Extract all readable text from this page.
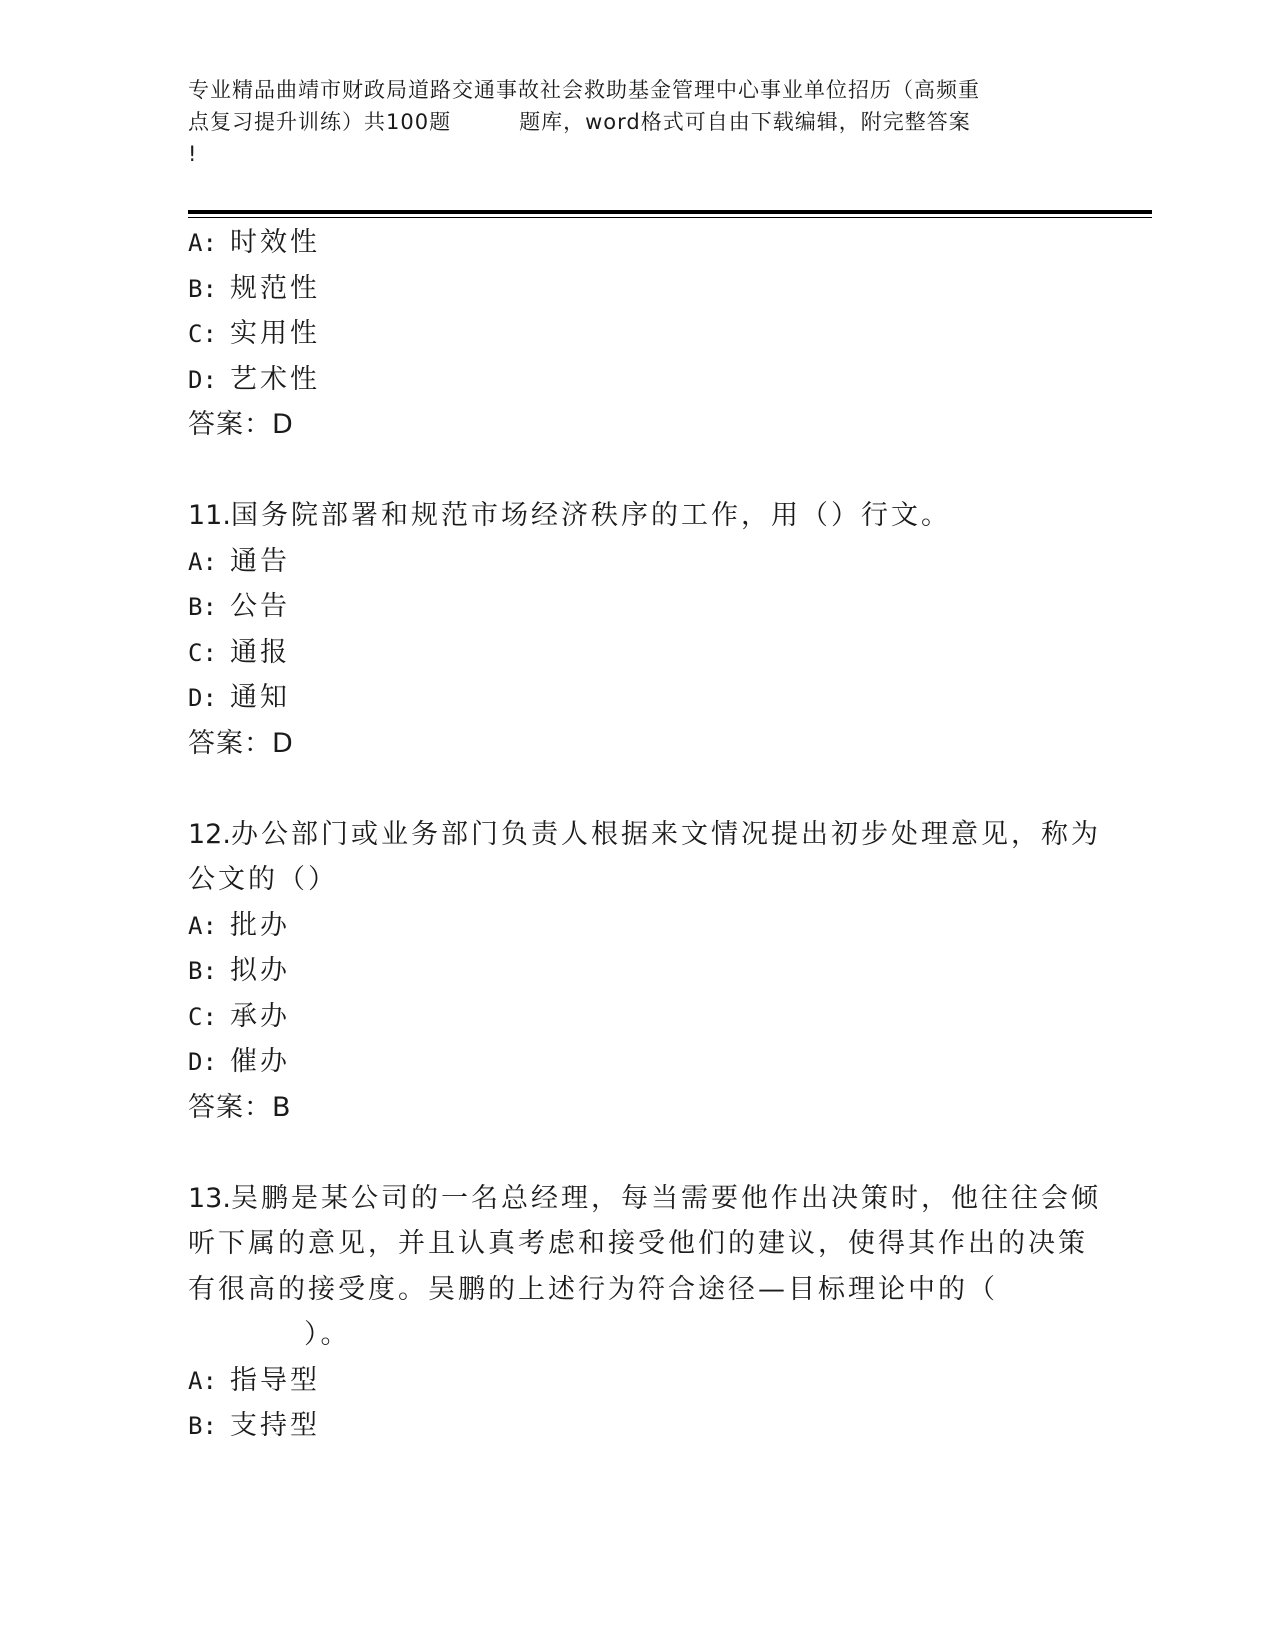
专业精品曲靖市财政局道路交通事故社会救助基金管理中心事业单位招历（高频重
点复习提升训练）共100题	题库，word格式可自由下载编辑，附完整答案
!
A: 时效性
B: 规范性
C: 实用性
D: 艺术性
答案：D
11.国务院部署和规范市场经济秩序的工作，用（）行文。
A: 通告
B: 公告
C: 通报
D: 通知
答案：D
12.办公部门或业务部门负责人根据来文情况提出初步处理意见，称为
公文的（）
A: 批办
B: 拟办
C: 承办
D: 催办
答案：B
13.吴鹏是某公司的一名总经理，每当需要他作出决策时，他往往会倾
听下属的意见，并且认真考虑和接受他们的建议，使得其作出的决策
有很高的接受度。吴鹏的上述行为符合途径—目标理论中的（
）。
A: 指导型
B: 支持型
